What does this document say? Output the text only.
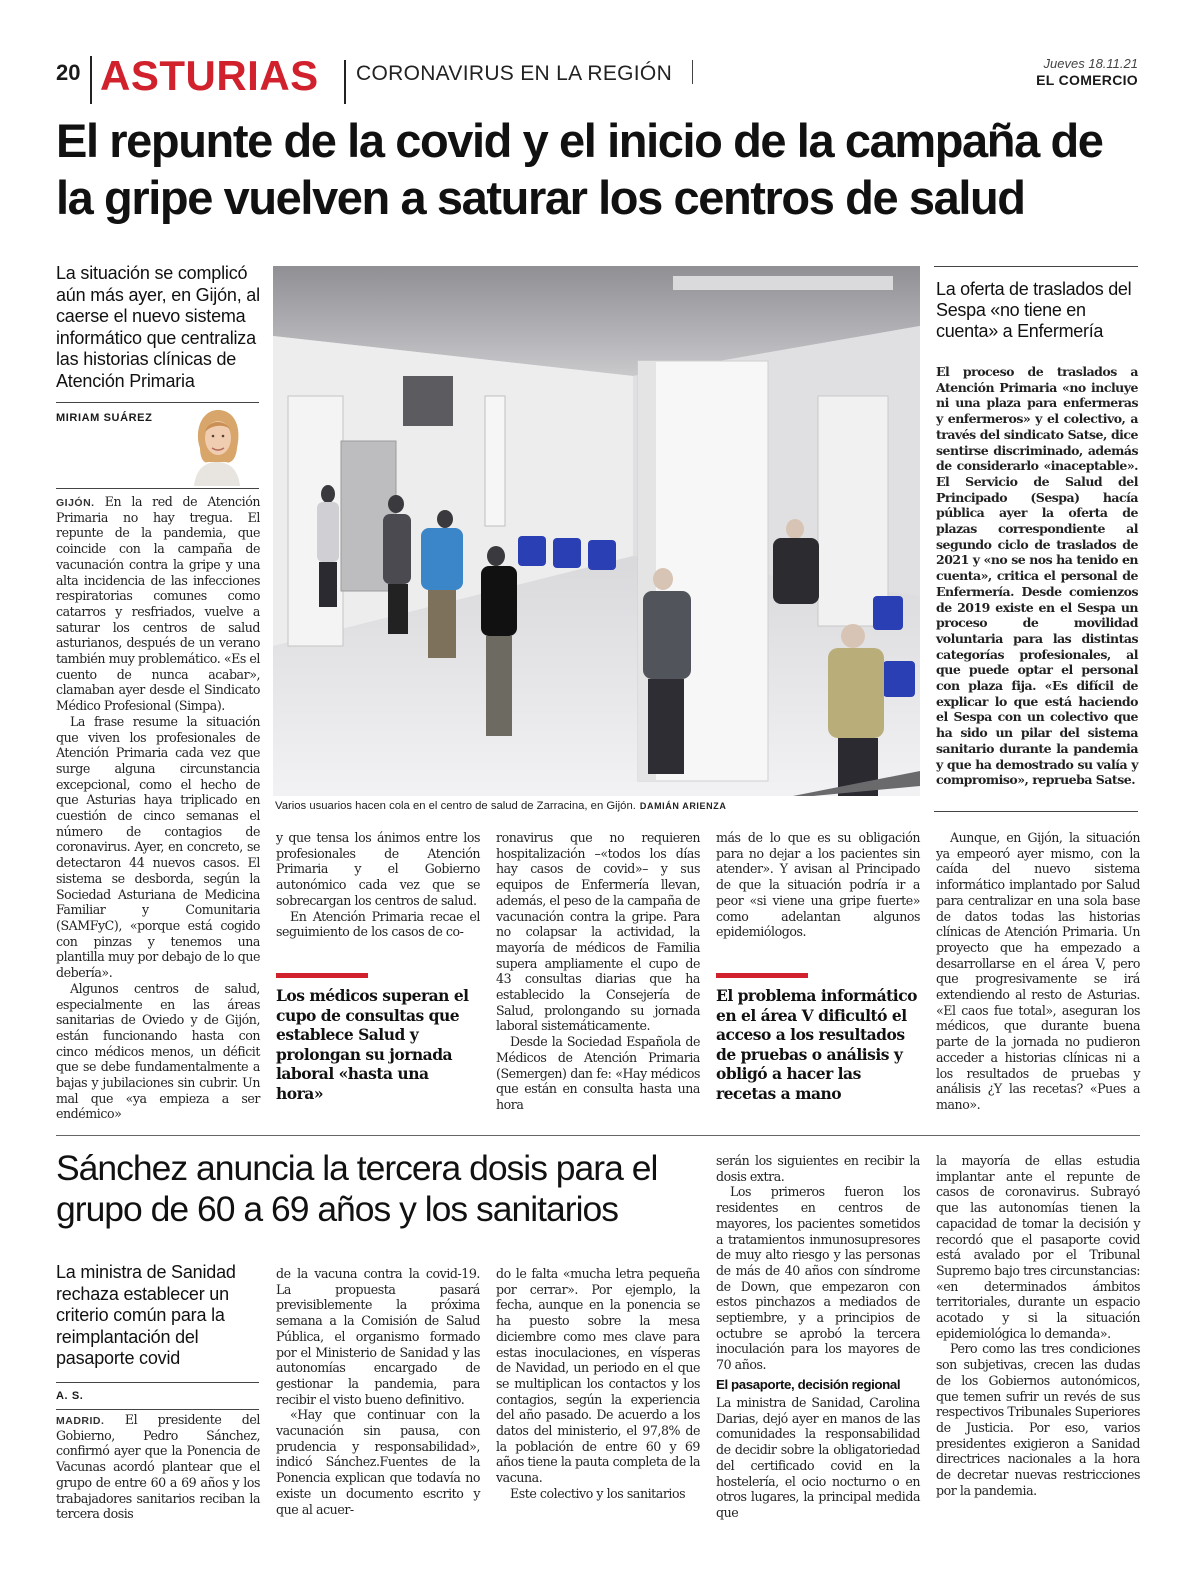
20 ASTURIAS CORONAVIRUS EN LA REGIÓN	Jueves 18.11.21
EL COMERCIO
El repunte de la covid y el inicio de la campaña de la gripe vuelven a saturar los centros de salud
La situación se complicó aún más ayer, en Gijón, al caerse el nuevo sistema informático que centraliza las historias clínicas de Atención Primaria
MIRIAM SUÁREZ

GIJÓN. En la red de Atención Primaria no hay tregua. El repunte de la pandemia, que coincide con la campaña de vacunación contra la gripe y una alta incidencia de las infecciones respiratorias comunes como catarros y resfriados, vuelve a saturar los centros de salud asturianos, después de un verano también muy problemático. «Es el cuento de nunca acabar», clamaban ayer desde el Sindicato Médico Profesional (Simpa).

La frase resume la situación que viven los profesionales de Atención Primaria cada vez que surge alguna circunstancia excepcional, como el hecho de que Asturias haya triplicado en cuestión de cinco semanas el número de contagios de coronavirus. Ayer, en concreto, se detectaron 44 nuevos casos. El sistema se desborda, según la Sociedad Asturiana de Medicina Familiar y Comunitaria (SAMFyC), «porque está cogido con pinzas y tenemos una plantilla muy por debajo de lo que debería».

Algunos centros de salud, especialmente en las áreas sanitarias de Oviedo y de Gijón, están funcionando hasta con cinco médicos menos, un déficit que se debe fundamentalmente a bajas y jubilaciones sin cubrir. Un mal que «ya empieza a ser endémico»

Varios usuarios hacen cola en el centro de salud de Zarracina, en Gijón. DAMIÁN ARIENZA
La oferta de traslados del Sespa «no tiene en cuenta» a Enfermería
El proceso de traslados a Atención Primaria «no incluye ni una plaza para enfermeras y enfermeros» y el colectivo, a través del sindicato Satse, dice sentirse discriminado, además de considerarlo «inaceptable». El Servicio de Salud del Principado (Sespa) hacía pública ayer la oferta de plazas correspondiente al segundo ciclo de traslados de 2021 y «no se nos ha tenido en cuenta», critica el personal de Enfermería. Desde comienzos de 2019 existe en el Sespa un proceso de movilidad voluntaria para las distintas categorías profesionales, al que puede optar el personal con plaza fija. «Es difícil de explicar lo que está haciendo el Sespa con un colectivo que ha sido un pilar del sistema sanitario durante la pandemia y que ha demostrado su valía y compromiso», reprueba Satse.

y que tensa los ánimos entre los profesionales de Atención Primaria y el Gobierno autonómico cada vez que se sobrecargan los centros de salud.

En Atención Primaria recae el seguimiento de los casos de co-

Los médicos superan el cupo de consultas que establece Salud y prolongan su jornada laboral «hasta una hora»

ronavirus que no requieren hospitalización –«todos los días hay casos de covid»– y sus equipos de Enfermería llevan, además, el peso de la campaña de vacunación contra la gripe. Para no colapsar la actividad, la mayoría de médicos de Familia supera ampliamente el cupo de 43 consultas diarias que ha establecido la Consejería de Salud, prolongando su jornada laboral sistemáticamente.

Desde la Sociedad Española de Médicos de Atención Primaria (Semergen) dan fe: «Hay médicos que están en consulta hasta una hora

más de lo que es su obligación para no dejar a los pacientes sin atender». Y avisan al Principado de que la situación podría ir a peor «si viene una gripe fuerte» como adelantan algunos epidemiólogos.

El problema informático en el área V dificultó el acceso a los resultados de pruebas o análisis y obligó a hacer las recetas a mano

Aunque, en Gijón, la situación ya empeoró ayer mismo, con la caída del nuevo sistema informático implantado por Salud para centralizar en una sola base de datos todas las historias clínicas de Atención Primaria. Un proyecto que ha empezado a desarrollarse en el área V, pero que progresivamente se irá extendiendo al resto de Asturias. «El caos fue total», aseguran los médicos, que durante buena parte de la jornada no pudieron acceder a historias clínicas ni a los resultados de pruebas y análisis ¿Y las recetas? «Pues a mano».

Sánchez anuncia la tercera dosis para el grupo de 60 a 69 años y los sanitarios
La ministra de Sanidad rechaza establecer un criterio común para la reimplantación del pasaporte covid
A. S.

MADRID. El presidente del Gobierno, Pedro Sánchez, confirmó ayer que la Ponencia de Vacunas acordó plantear que el grupo de entre 60 a 69 años y los trabajadores sanitarios reciban la tercera dosis

de la vacuna contra la covid-19. La propuesta pasará previsiblemente la próxima semana a la Comisión de Salud Pública, el organismo formado por el Ministerio de Sanidad y las autonomías encargado de gestionar la pandemia, para recibir el visto bueno definitivo.

«Hay que continuar con la vacunación sin pausa, con prudencia y responsabilidad», indicó Sánchez.Fuentes de la Ponencia explican que todavía no existe un documento escrito y que al acuer-

do le falta «mucha letra pequeña por cerrar». Por ejemplo, la fecha, aunque en la ponencia se ha puesto sobre la mesa diciembre como mes clave para estas inoculaciones, en vísperas de Navidad, un periodo en el que se multiplican los contactos y los contagios, según la experiencia del año pasado. De acuerdo a los datos del ministerio, el 97,8% de la población de entre 60 y 69 años tiene la pauta completa de la vacuna.

Este colectivo y los sanitarios

serán los siguientes en recibir la dosis extra.

Los primeros fueron los residentes en centros de mayores, los pacientes sometidos a tratamientos inmunosupresores de muy alto riesgo y las personas de más de 40 años con síndrome de Down, que empezaron con estos pinchazos a mediados de septiembre, y a principios de octubre se aprobó la tercera inoculación para los mayores de 70 años.

El pasaporte, decisión regional

La ministra de Sanidad, Carolina Darias, dejó ayer en manos de las comunidades la responsabilidad de decidir sobre la obligatoriedad del certificado covid en la hostelería, el ocio nocturno o en otros lugares, la principal medida que

la mayoría de ellas estudia implantar ante el repunte de casos de coronavirus. Subrayó que las autonomías tienen la capacidad de tomar la decisión y recordó que el pasaporte covid está avalado por el Tribunal Supremo bajo tres circunstancias: «en determinados ámbitos territoriales, durante un espacio acotado y si la situación epidemiológica lo demanda».

Pero como las tres condiciones son subjetivas, crecen las dudas de los Gobiernos autonómicos, que temen sufrir un revés de sus respectivos Tribunales Superiores de Justicia. Por eso, varios presidentes exigieron a Sanidad directrices nacionales a la hora de decretar nuevas restricciones por la pandemia.
